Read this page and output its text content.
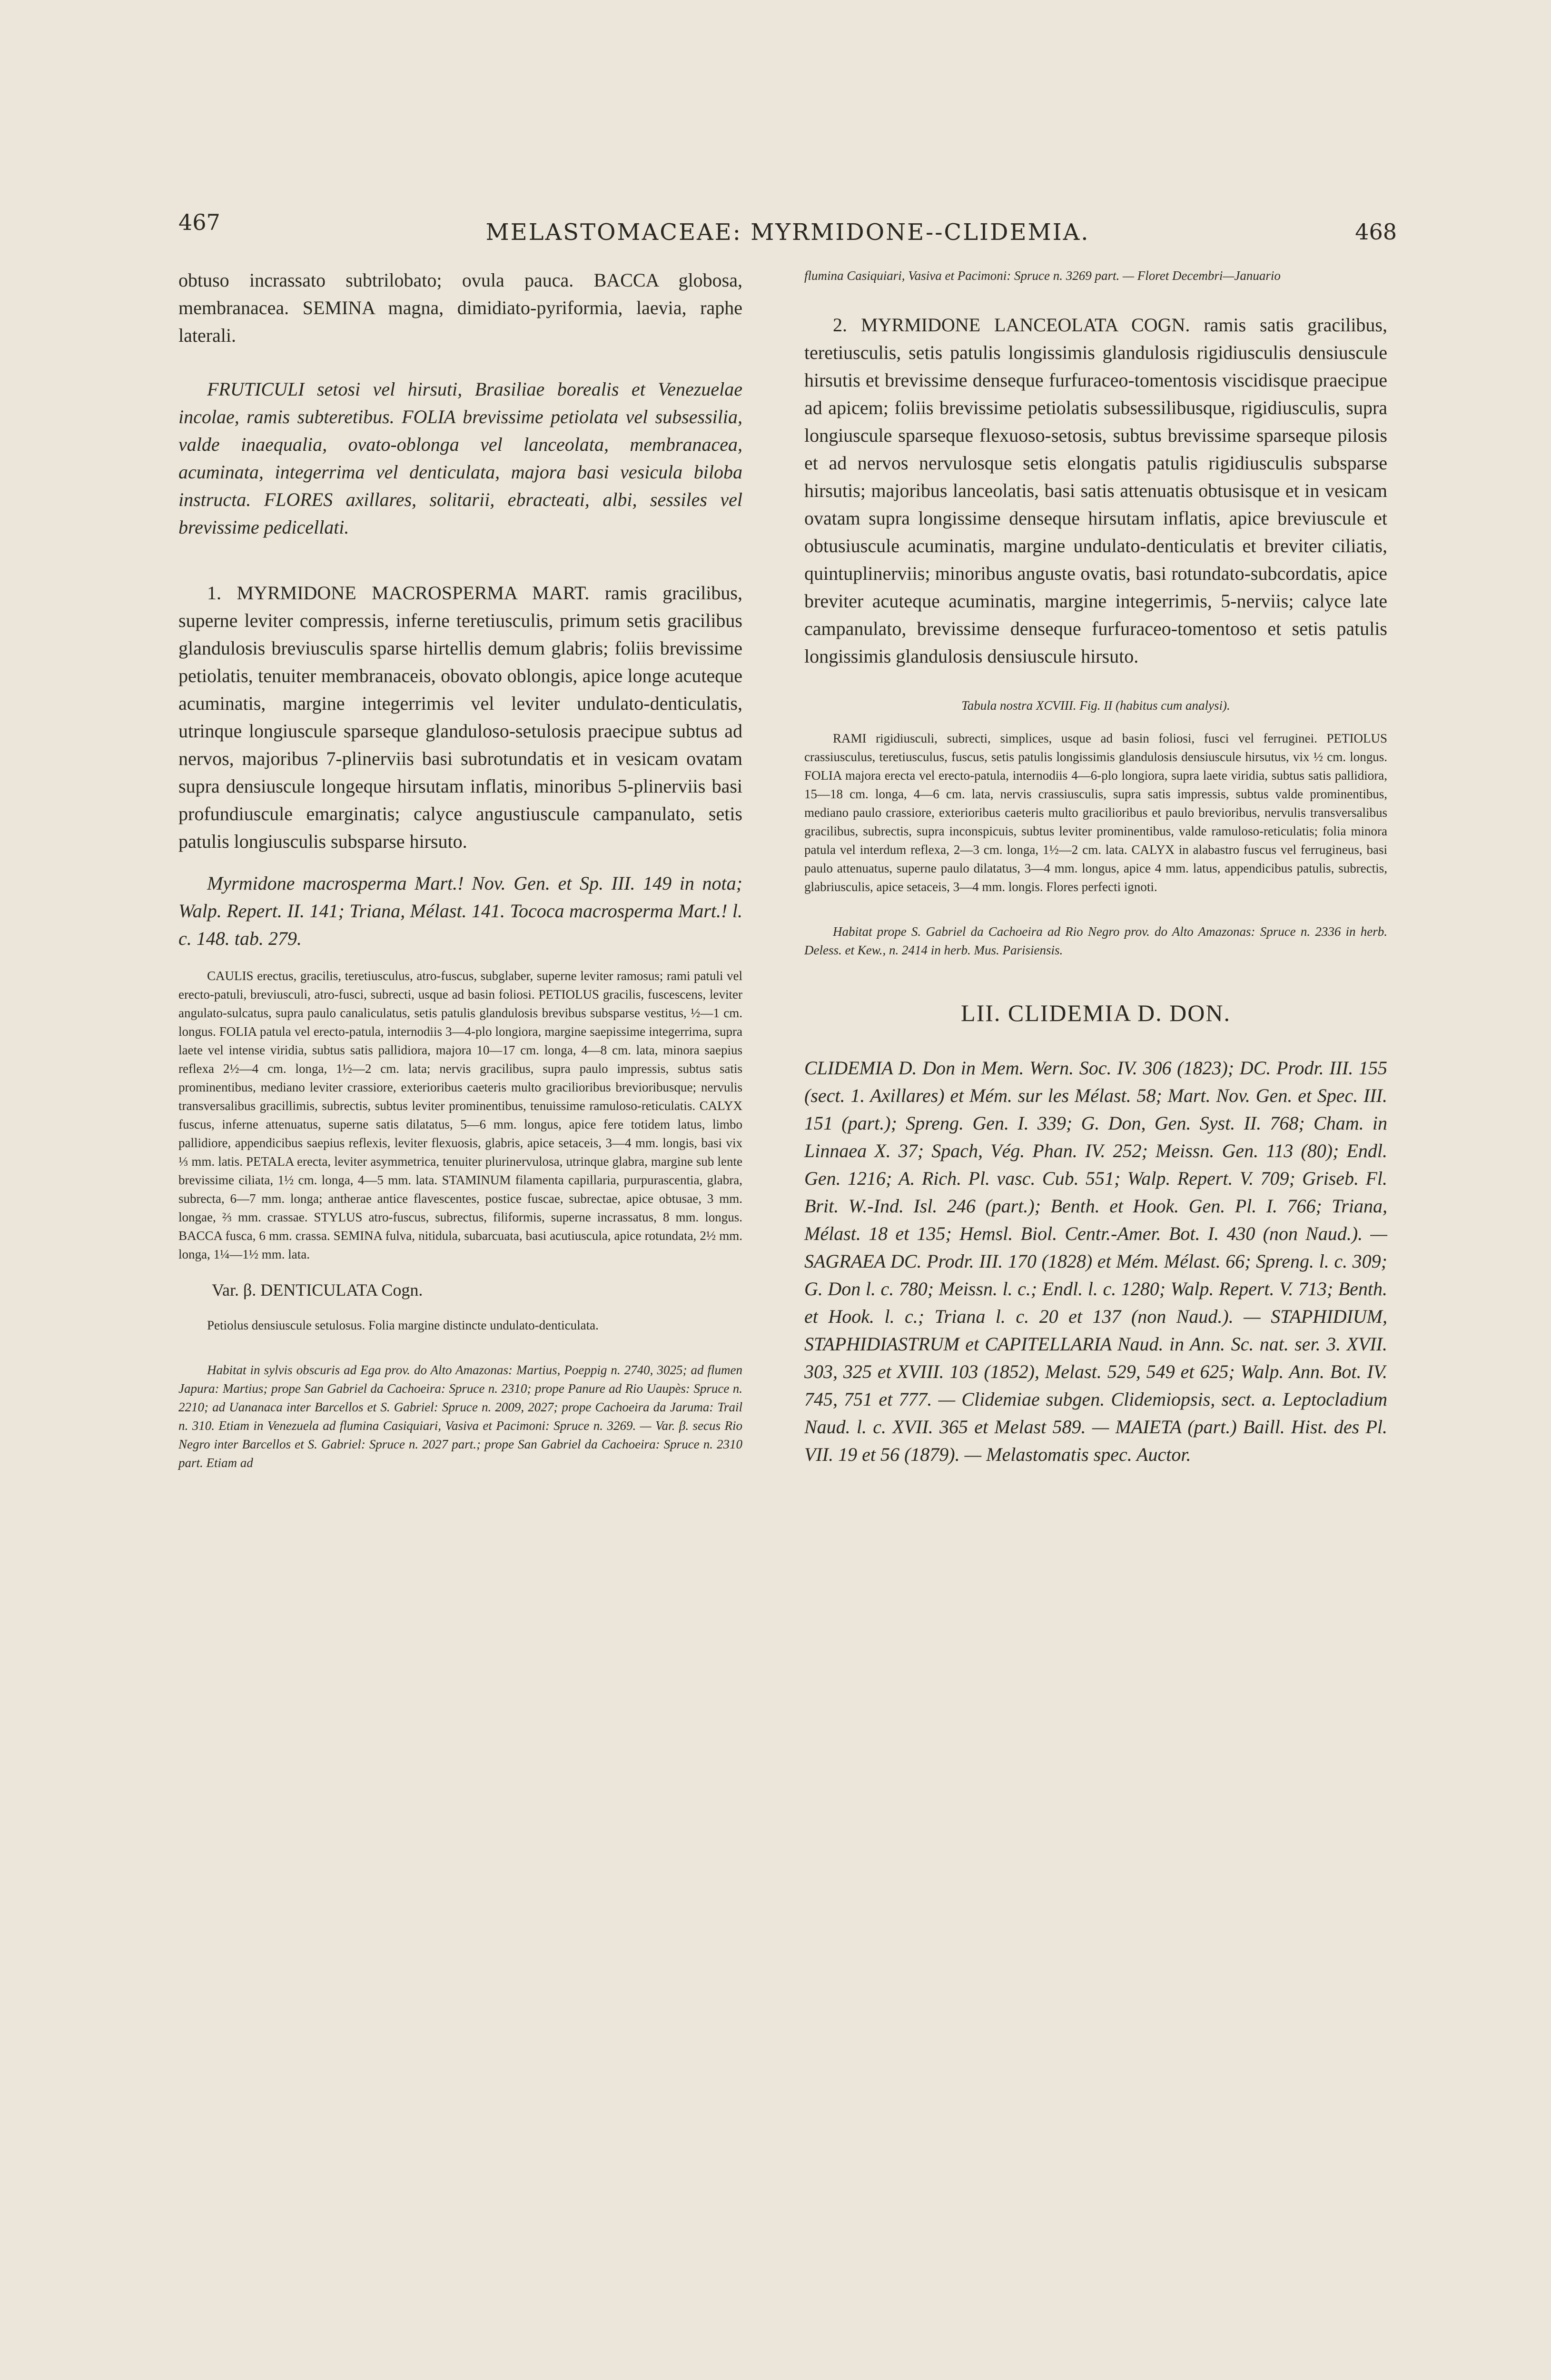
467	MELASTOMACEAE: MYRMIDONE--CLIDEMIA.	468

obtuso incrassato subtrilobato; ovula pauca. BACCA globosa, membranacea. SEMINA magna, dimidiato-pyriformia, laevia, raphe laterali.

FRUTICULI setosi vel hirsuti, Brasiliae borealis et Venezuelae incolae, ramis subteretibus. FOLIA brevissime petiolata vel subsessilia, valde inaequalia, ovato-oblonga vel lanceolata, membranacea, acuminata, integerrima vel denticulata, majora basi vesicula biloba instructa. FLORES axillares, solitarii, ebracteati, albi, sessiles vel brevissime pedicellati.

1. MYRMIDONE MACROSPERMA MART. ramis gracilibus, superne leviter compressis, inferne teretiusculis, primum setis gracilibus glandulosis breviusculis sparse hirtellis demum glabris; foliis brevissime petiolatis, tenuiter membranaceis, obovato oblongis, apice longe acuteque acuminatis, margine integerrimis vel leviter undulato-denticulatis, utrinque longiuscule sparseque glanduloso-setulosis praecipue subtus ad nervos, majoribus 7-plinerviis basi subrotundatis et in vesicam ovatam supra densiuscule longeque hirsutam inflatis, minoribus 5-plinerviis basi profundiuscule emarginatis; calyce angustiuscule campanulato, setis patulis longiusculis subsparse hirsuto.

Myrmidone macrosperma Mart.! Nov. Gen. et Sp. III. 149 in nota; Walp. Repert. II. 141; Triana, Mélast. 141. Tococa macrosperma Mart.! l. c. 148. tab. 279.

CAULIS erectus, gracilis, teretiusculus, atro-fuscus, subglaber, superne leviter ramosus; rami patuli vel erecto-patuli, breviusculi, atro-fusci, subrecti, usque ad basin foliosi. PETIOLUS gracilis, fuscescens, leviter angulato-sulcatus, supra paulo canaliculatus, setis patulis glandulosis brevibus subsparse vestitus, ½—1 cm. longus. FOLIA patula vel erecto-patula, internodiis 3—4-plo longiora, margine saepissime integerrima, supra laete vel intense viridia, subtus satis pallidiora, majora 10—17 cm. longa, 4—8 cm. lata, minora saepius reflexa 2½—4 cm. longa, 1½—2 cm. lata; nervis gracilibus, supra paulo impressis, subtus satis prominentibus, mediano leviter crassiore, exterioribus caeteris multo gracilioribus brevioribusque; nervulis transversalibus gracillimis, subrectis, subtus leviter prominentibus, tenuissime ramuloso-reticulatis. CALYX fuscus, inferne attenuatus, superne satis dilatatus, 5—6 mm. longus, apice fere totidem latus, limbo pallidiore, appendicibus saepius reflexis, leviter flexuosis, glabris, apice setaceis, 3—4 mm. longis, basi vix ⅓ mm. latis. PETALA erecta, leviter asymmetrica, tenuiter plurinervulosa, utrinque glabra, margine sub lente brevissime ciliata, 1½ cm. longa, 4—5 mm. lata. STAMINUM filamenta capillaria, purpurascentia, glabra, subrecta, 6—7 mm. longa; antherae antice flavescentes, postice fuscae, subrectae, apice obtusae, 3 mm. longae, ⅔ mm. crassae. STYLUS atro-fuscus, subrectus, filiformis, superne incrassatus, 8 mm. longus. BACCA fusca, 6 mm. crassa. SEMINA fulva, nitidula, subarcuata, basi acutiuscula, apice rotundata, 2½ mm. longa, 1¼—1½ mm. lata.

Var. β. DENTICULATA Cogn.

Petiolus densiuscule setulosus. Folia margine distincte undulato-denticulata.

Habitat in sylvis obscuris ad Ega prov. do Alto Amazonas: Martius, Poeppig n. 2740, 3025; ad flumen Japura: Martius; prope San Gabriel da Cachoeira: Spruce n. 2310; prope Panure ad Rio Uaupès: Spruce n. 2210; ad Uananaca inter Barcellos et S. Gabriel: Spruce n. 2009, 2027; prope Cachoeira da Jaruma: Trail n. 310. Etiam in Venezuela ad flumina Casiquiari, Vasiva et Pacimoni: Spruce n. 3269. — Var. β. secus Rio Negro inter Barcellos et S. Gabriel: Spruce n. 2027 part.; prope San Gabriel da Cachoeira: Spruce n. 2310 part. Etiam ad

flumina Casiquiari, Vasiva et Pacimoni: Spruce n. 3269 part. — Floret Decembri—Januario

2. MYRMIDONE LANCEOLATA COGN. ramis satis gracilibus, teretiusculis, setis patulis longissimis glandulosis rigidiusculis densiuscule hirsutis et brevissime denseque furfuraceo-tomentosis viscidisque praecipue ad apicem; foliis brevissime petiolatis subsessilibusque, rigidiusculis, supra longiuscule sparseque flexuoso-setosis, subtus brevissime sparseque pilosis et ad nervos nervulosque setis elongatis patulis rigidiusculis subsparse hirsutis; majoribus lanceolatis, basi satis attenuatis obtusisque et in vesicam ovatam supra longissime denseque hirsutam inflatis, apice breviuscule et obtusiuscule acuminatis, margine undulato-denticulatis et breviter ciliatis, quintuplinerviis; minoribus anguste ovatis, basi rotundato-subcordatis, apice breviter acuteque acuminatis, margine integerrimis, 5-nerviis; calyce late campanulato, brevissime denseque furfuraceo-tomentoso et setis patulis longissimis glandulosis densiuscule hirsuto.

Tabula nostra XCVIII. Fig. II (habitus cum analysi).

RAMI rigidiusculi, subrecti, simplices, usque ad basin foliosi, fusci vel ferruginei. PETIOLUS crassiusculus, teretiusculus, fuscus, setis patulis longissimis glandulosis densiuscule hirsutus, vix ½ cm. longus. FOLIA majora erecta vel erecto-patula, internodiis 4—6-plo longiora, supra laete viridia, subtus satis pallidiora, 15—18 cm. longa, 4—6 cm. lata, nervis crassiusculis, supra satis impressis, subtus valde prominentibus, mediano paulo crassiore, exterioribus caeteris multo gracilioribus et paulo brevioribus, nervulis transversalibus gracilibus, subrectis, supra inconspicuis, subtus leviter prominentibus, valde ramuloso-reticulatis; folia minora patula vel interdum reflexa, 2—3 cm. longa, 1½—2 cm. lata. CALYX in alabastro fuscus vel ferrugineus, basi paulo attenuatus, superne paulo dilatatus, 3—4 mm. longus, apice 4 mm. latus, appendicibus patulis, subrectis, glabriusculis, apice setaceis, 3—4 mm. longis. Flores perfecti ignoti.

Habitat prope S. Gabriel da Cachoeira ad Rio Negro prov. do Alto Amazonas: Spruce n. 2336 in herb. Deless. et Kew., n. 2414 in herb. Mus. Parisiensis.

LII. CLIDEMIA D. DON.

CLIDEMIA D. Don in Mem. Wern. Soc. IV. 306 (1823); DC. Prodr. III. 155 (sect. 1. Axillares) et Mém. sur les Mélast. 58; Mart. Nov. Gen. et Spec. III. 151 (part.); Spreng. Gen. I. 339; G. Don, Gen. Syst. II. 768; Cham. in Linnaea X. 37; Spach, Vég. Phan. IV. 252; Meissn. Gen. 113 (80); Endl. Gen. 1216; A. Rich. Pl. vasc. Cub. 551; Walp. Repert. V. 709; Griseb. Fl. Brit. W.-Ind. Isl. 246 (part.); Benth. et Hook. Gen. Pl. I. 766; Triana, Mélast. 18 et 135; Hemsl. Biol. Centr.-Amer. Bot. I. 430 (non Naud.). — SAGRAEA DC. Prodr. III. 170 (1828) et Mém. Mélast. 66; Spreng. l. c. 309; G. Don l. c. 780; Meissn. l. c.; Endl. l. c. 1280; Walp. Repert. V. 713; Benth. et Hook. l. c.; Triana l. c. 20 et 137 (non Naud.). — STAPHIDIUM, STAPHIDIASTRUM et CAPITELLARIA Naud. in Ann. Sc. nat. ser. 3. XVII. 303, 325 et XVIII. 103 (1852), Melast. 529, 549 et 625; Walp. Ann. Bot. IV. 745, 751 et 777. — Clidemiae subgen. Clidemiopsis, sect. a. Leptocladium Naud. l. c. XVII. 365 et Melast 589. — MAIETA (part.) Baill. Hist. des Pl. VII. 19 et 56 (1879). — Melastomatis spec. Auctor.
